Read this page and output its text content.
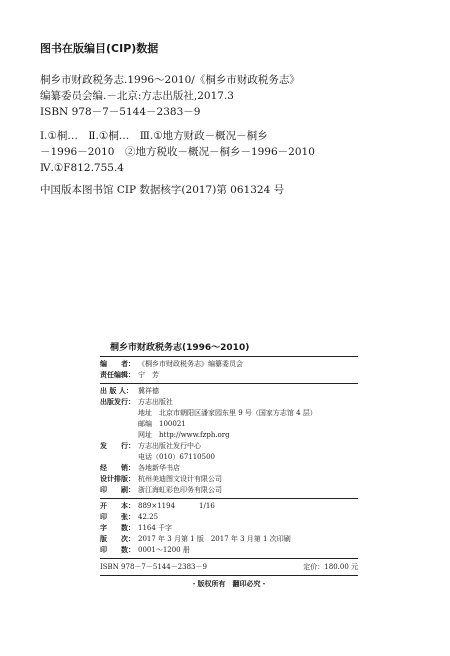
图书在版编目(CIP)数据
桐乡市财政税务志.1996～2010/《桐乡市财政税务志》
编纂委员会编.－北京:方志出版社,2017.3
ISBN 978－7－5144－2383－9
Ⅰ.①桐…　Ⅱ.①桐…　Ⅲ.①地方财政－概况－桐乡
－1996－2010　②地方税收－概况－桐乡－1996－2010
Ⅳ.①F812.755.4
中国版本图书馆 CIP 数据核字(2017)第 061324 号
桐乡市财政税务志(1996～2010)
编　　者： 《桐乡市财政税务志》编纂委员会
责任编辑： 宁　芳
出 版 人： 冀祥德
出版发行： 方志出版社
地址　北京市朝阳区潘家园东里 9 号（国家方志馆 4 层）
邮编　100021
网址　http://www.fzph.org
发　　行： 方志出版社发行中心
电话（010）67110500
经　　销： 各地新华书店
设计排版： 杭州美迪图文设计有限公司
印　　刷： 浙江海虹彩色印务有限公司
开　　本： 889×1194	1/16
印　　张： 42.25
字　　数： 1164 千字
版　　次： 2017 年 3 月第 1 版　2017 年 3 月第 1 次印刷
印　　数： 0001～1200 册
ISBN 978－7－5144－2383－9	定价：180.00 元
・版权所有　翻印必究・
